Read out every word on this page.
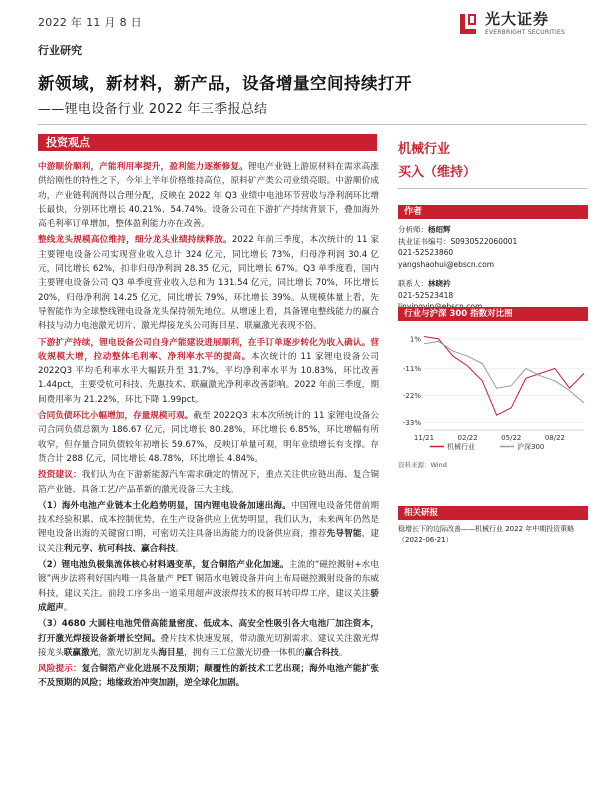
2022 年 11 月 8 日	光大证券
EVERBRIGHT SECURITIES
行业研究
新领域，新材料，新产品，设备增量空间持续打开
——锂电设备行业 2022 年三季报总结
投资观点

中游顺价顺利，产能利用率提升，盈利能力逐渐修复。锂电产业链上游原材料在需求高涨供给刚性的特性之下，今年上半年价格维持高位，原料矿产类公司业绩亮眼。中游顺价成功，产业链利润得以合理分配，反映在 2022 年 Q3 业绩中电池环节营收与净利润环比增长最快，分别环比增长 40.21%、54.74%。设备公司在下游扩产持续背景下，叠加海外高毛利率订单增加，整体盈利能力亦在改善。

整线龙头规模高位维持，细分龙头业绩持续释放。2022 年前三季度，本次统计的 11 家主要锂电设备公司实现营业收入总计 324 亿元，同比增长 73%，归母净利润 30.4 亿元，同比增长 62%，扣非归母净利润 28.35 亿元，同比增长 67%。Q3 单季度看，国内主要锂电设备公司 Q3 单季度营业收入总和为 131.54 亿元，同比增长 70%，环比增长 20%，归母净利润 14.25 亿元，同比增长 79%，环比增长 39%。从规模体量上看，先导智能作为全球整线锂电设备龙头保持领先地位。从增速上看，具备锂电整线能力的赢合科技与动力电池激光切片、激光焊接龙头公司海目星、联赢激光表现不俗。

下游扩产持续，锂电设备公司自身产能建设进展顺利，在手订单逐步转化为收入确认。营收规模大增，拉动整体毛利率、净利率水平的提高。本次统计的 11 家锂电设备公司 2022Q3 平均毛利率水平大幅跃升至 31.7%，平均净利率水平为 10.83%，环比改善 1.44pct，主要受杭可科技、先惠技术、联赢激光净利率改善影响。2022 年前三季度，期间费用率为 21.22%，环比下降 1.99pct。

合同负债环比小幅增加，存量规模可观。截至 2022Q3 末本次所统计的 11 家锂电设备公司合同负债总额为 186.67 亿元，同比增长 80.28%，环比增长 6.85%，环比增幅有所收窄，但存量合同负债较年初增长 59.67%，反映订单量可观，明年业绩增长有支撑。存货合计 288 亿元，同比增长 48.78%，环比增长 4.84%。

投资建议：我们认为在下游新能源汽车需求确定的情况下，重点关注供应链出海、复合铜箔产业链、具备工艺/产品革新的激光设备三大主线。

（1）海外电池产业链本土化趋势明显，国内锂电设备加速出海。中国锂电设备凭借前期技术经验积累、成本控制优势，在生产设备供应上优势明显，我们认为，未来两年仍然是锂电设备出海的关键窗口期，可密切关注具备出海能力的设备供应商，推荐先导智能，建议关注利元亨、杭可科技、赢合科技。

（2）锂电池负极集流体核心材料遇变革，复合铜箔产业化加速。主流的“磁控溅射+水电镀”两步法将利好国内唯一具备量产 PET 铜箔水电镀设备并向上布局磁控溅射设备的东威科技，建议关注。前段工序多出一道采用超声波滚焊技术的极耳转印焊工序，建议关注骄成超声。

（3）4680 大圆柱电池凭借高能量密度、低成本、高安全性吸引各大电池厂加注资本，打开激光焊接设备新增长空间。叠片技术快速发展，带动激光切割需求。建议关注激光焊接龙头联赢激光，激光切割龙头海目星，拥有三工位激光切叠一体机的赢合科技。

风险提示：复合铜箔产业化进展不及预期；颠覆性的新技术工艺出现；海外电池产能扩张不及预期的风险；地缘政治冲突加剧，逆全球化加剧。

机械行业
买入（维持）
作者
分析师：杨绍辉
执业证书编号：S0930522060001
021-52523860
yangshaohui@ebscn.com
联系人：林晓衿
021-52523418
行业与沪深 300 指数对比图
1%
-11%
-22%
-33%
11/21	02/22	05/22	08/22
机械行业	沪深300
资料来源：Wind
相关研报
稳增长下的边际改善——机械行业 2022 年中期投资策略（2022-06-21）
